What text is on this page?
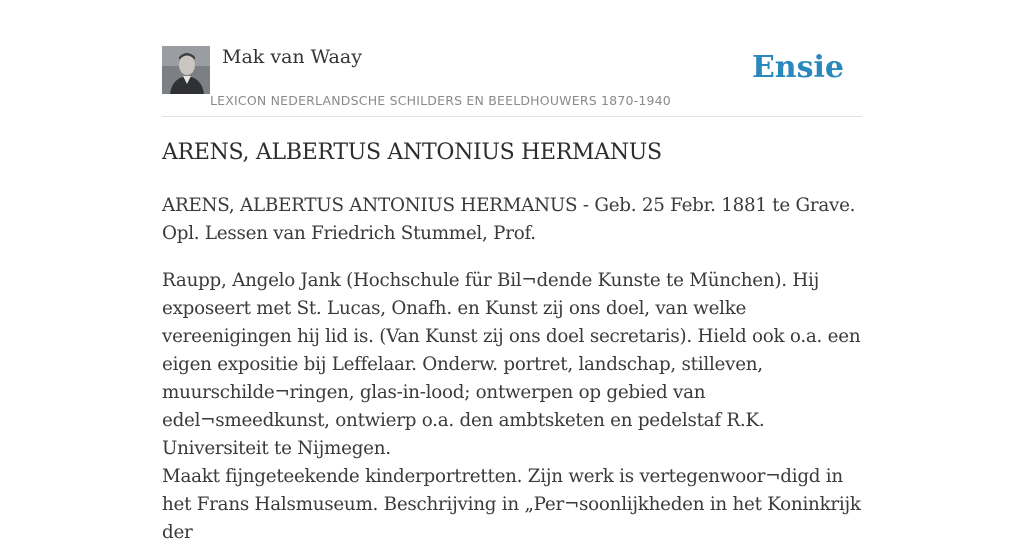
Mak van Waay
LEXICON NEDERLANDSCHE SCHILDERS EN BEELDHOUWERS 1870-1940
Ensie
ARENS, ALBERTUS ANTONIUS HERMANUS

ARENS, ALBERTUS ANTONIUS HERMANUS - Geb. 25 Febr. 1881 te Grave. Opl. Lessen van Friedrich Stummel, Prof.

Raupp, Angelo Jank (Hochschule für Bil¬dende Kunste te München). Hij exposeert met St. Lucas, Onafh. en Kunst zij ons doel, van welke vereenigingen hij lid is. (Van Kunst zij ons doel secretaris). Hield ook o.a. een eigen expositie bij Leffelaar. Onderw. portret, landschap, stilleven, muurschilde¬ringen, glas-in-lood; ontwerpen op gebied van edel¬smeedkunst, ontwierp o.a. den ambtsketen en pedelstaf R.K. Universiteit te Nijmegen.

Maakt fijngeteekende kinderportretten. Zijn werk is vertegenwoor¬digd in het Frans Halsmuseum. Beschrijving in „Per¬soonlijkheden in het Koninkrijk der
